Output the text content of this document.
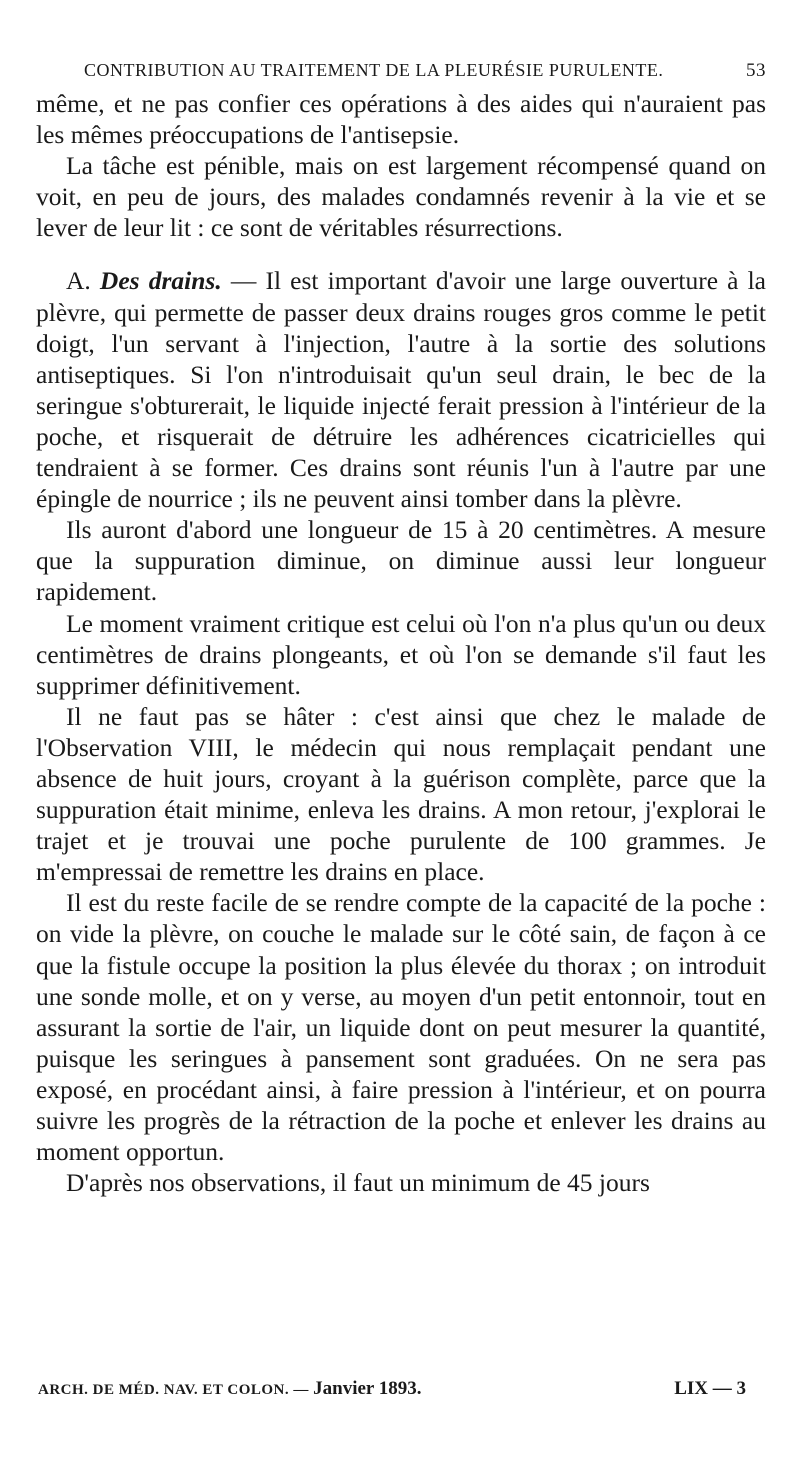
CONTRIBUTION AU TRAITEMENT DE LA PLEURÉSIE PURULENTE.	53

même, et ne pas confier ces opérations à des aides qui n'auraient pas les mêmes préoccupations de l'antisepsie.

La tâche est pénible, mais on est largement récompensé quand on voit, en peu de jours, des malades condamnés revenir à la vie et se lever de leur lit : ce sont de véritables résurrections.

A. Des drains. — Il est important d'avoir une large ouverture à la plèvre, qui permette de passer deux drains rouges gros comme le petit doigt, l'un servant à l'injection, l'autre à la sortie des solutions antiseptiques. Si l'on n'introduisait qu'un seul drain, le bec de la seringue s'obturerait, le liquide injecté ferait pression à l'intérieur de la poche, et risquerait de détruire les adhérences cicatricielles qui tendraient à se former. Ces drains sont réunis l'un à l'autre par une épingle de nourrice ; ils ne peuvent ainsi tomber dans la plèvre.

Ils auront d'abord une longueur de 15 à 20 centimètres. A mesure que la suppuration diminue, on diminue aussi leur longueur rapidement.

Le moment vraiment critique est celui où l'on n'a plus qu'un ou deux centimètres de drains plongeants, et où l'on se demande s'il faut les supprimer définitivement.

Il ne faut pas se hâter : c'est ainsi que chez le malade de l'Observation VIII, le médecin qui nous remplaçait pendant une absence de huit jours, croyant à la guérison complète, parce que la suppuration était minime, enleva les drains. A mon retour, j'explorai le trajet et je trouvai une poche purulente de 100 grammes. Je m'empressai de remettre les drains en place.

Il est du reste facile de se rendre compte de la capacité de la poche : on vide la plèvre, on couche le malade sur le côté sain, de façon à ce que la fistule occupe la position la plus élevée du thorax ; on introduit une sonde molle, et on y verse, au moyen d'un petit entonnoir, tout en assurant la sortie de l'air, un liquide dont on peut mesurer la quantité, puisque les seringues à pansement sont graduées. On ne sera pas exposé, en procédant ainsi, à faire pression à l'intérieur, et on pourra suivre les progrès de la rétraction de la poche et enlever les drains au moment opportun.

D'après nos observations, il faut un minimum de 45 jours

ARCH. DE MÉD. NAV. ET COLON. — Janvier 1893.	LIX — 3
